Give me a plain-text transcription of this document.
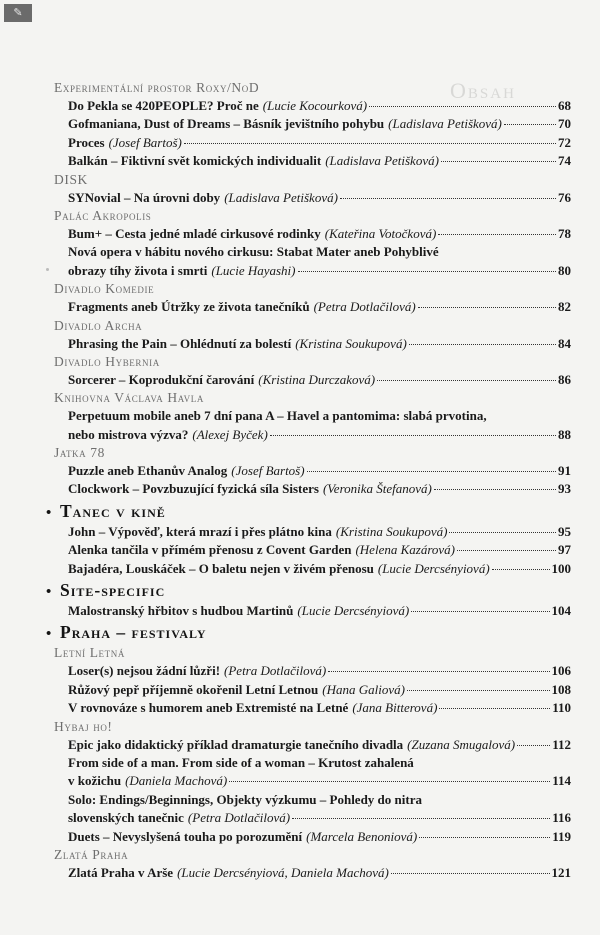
✎
Obsah
Experimentální prostor Roxy/NoD
Do Pekla se 420PEOPLE? Proč ne (Lucie Kocourková)	68
Gofmaniana, Dust of Dreams – Básník jevištního pohybu (Ladislava Petišková)	70
Proces (Josef Bartoš)	72
Balkán – Fiktivní svět komických individualit (Ladislava Petišková)	74
DISK
SYNovial – Na úrovni doby (Ladislava Petišková)	76
Palác Akropolis
Bum+ – Cesta jedné mladé cirkusové rodinky (Kateřina Votočková)	78
Nová opera v hábitu nového cirkusu: Stabat Mater aneb Pohyblivé
obrazy tíhy života i smrti (Lucie Hayashi)	80
Divadlo Komedie
Fragments aneb Útržky ze života tanečníků (Petra Dotlačilová)	82
Divadlo Archa
Phrasing the Pain – Ohlédnutí za bolestí (Kristina Soukupová)	84
Divadlo Hybernia
Sorcerer – Koprodukční čarování (Kristina Durczaková)	86
Knihovna Václava Havla
Perpetuum mobile aneb 7 dní pana A – Havel a pantomima: slabá prvotina,
nebo mistrova výzva? (Alexej Byček)	88
Jatka 78
Puzzle aneb Ethanův Analog (Josef Bartoš)	91
Clockwork – Povzbuzující fyzická síla Sisters (Veronika Štefanová)	93
• Tanec v kině
John – Výpověď, která mrazí i přes plátno kina (Kristina Soukupová)	95
Alenka tančila v přímém přenosu z Covent Garden (Helena Kazárová)	97
Bajadéra, Louskáček – O baletu nejen v živém přenosu (Lucie Dercsényiová)	100
• Site-specific
Malostranský hřbitov s hudbou Martinů (Lucie Dercsényiová)	104
• Praha – festivaly
Letní Letná
Loser(s) nejsou žádní lůzři! (Petra Dotlačilová)	106
Růžový pepř příjemně okořenil Letní Letnou (Hana Galiová)	108
V rovnováze s humorem aneb Extremisté na Letné (Jana Bitterová)	110
Hybaj ho!
Epic jako didaktický příklad dramaturgie tanečního divadla (Zuzana Smugalová)	112
From side of a man. From side of a woman – Krutost zahalená
v kožichu (Daniela Machová)	114
Solo: Endings/Beginnings, Objekty výzkumu – Pohledy do nitra
slovenských tanečnic (Petra Dotlačilová)	116
Duets – Nevyslyšená touha po porozumění (Marcela Benoniová)	119
Zlatá Praha
Zlatá Praha v Arše (Lucie Dercsényiová, Daniela Machová)	121
